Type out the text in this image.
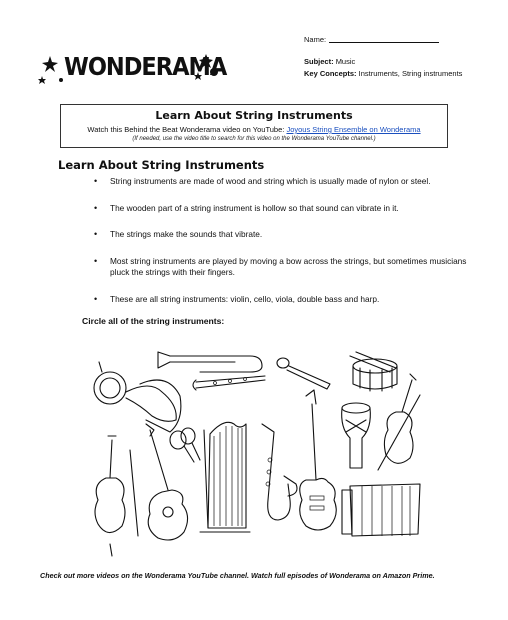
WONDERAMA
Name:
Subject: Music
Key Concepts: Instruments, String instruments
Learn About String Instruments
Watch this Behind the Beat Wonderama video on YouTube: Joyous String Ensemble on Wonderama
(If needed, use the video title to search for this video on the Wonderama YouTube channel.)
Learn About String Instruments
• String instruments are made of wood and string which is usually made of nylon or steel.
• The wooden part of a string instrument is hollow so that sound can vibrate in it.
• The strings make the sounds that vibrate.
• Most string instruments are played by moving a bow across the strings, but sometimes musicians pluck the strings with their fingers.
• These are all string instruments: violin, cello, viola, double bass and harp.
Circle all of the string instruments:
Check out more videos on the Wonderama YouTube channel. Watch full episodes of Wonderama on Amazon Prime.
